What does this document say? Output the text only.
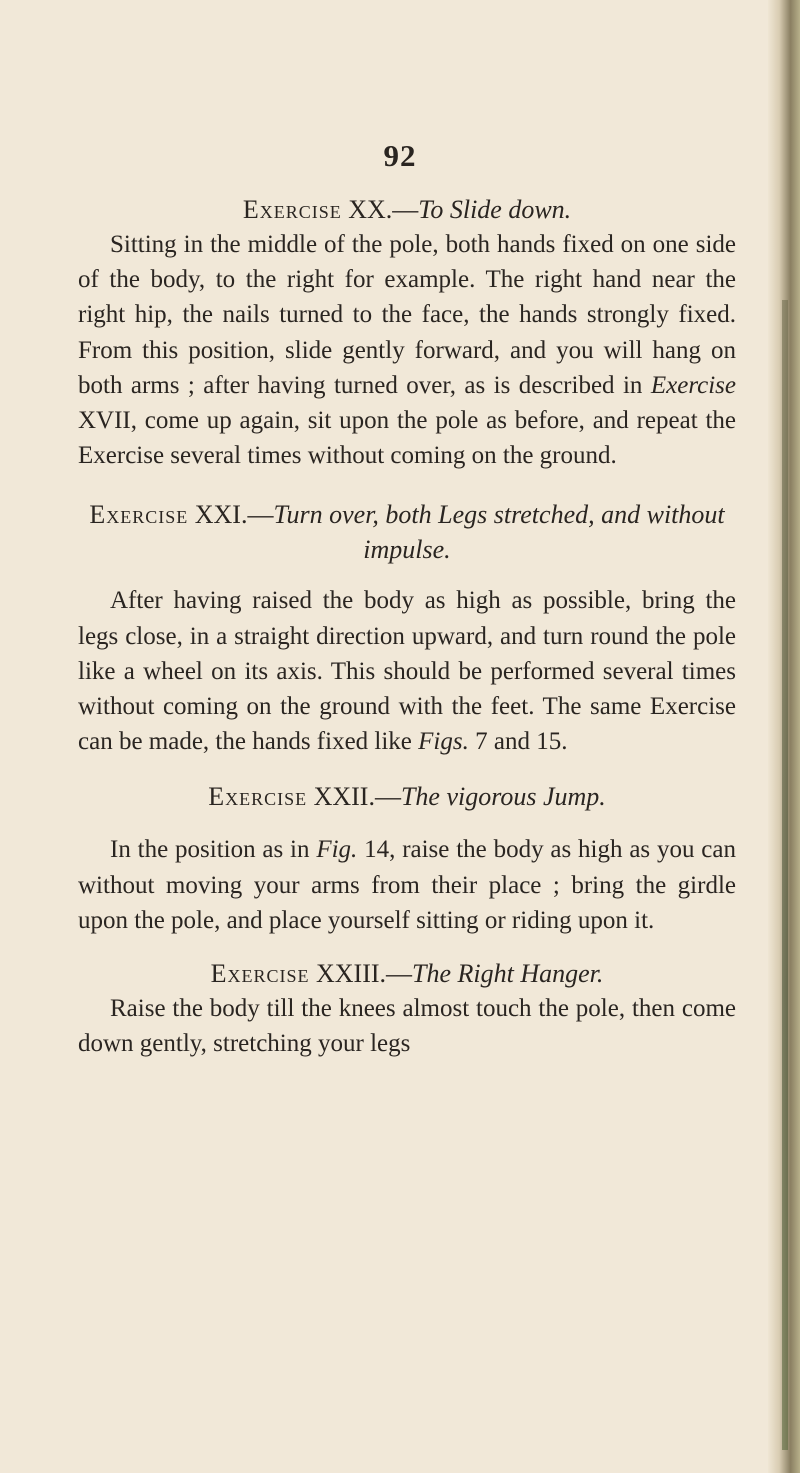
92

Exercise XX.—To Slide down.

Sitting in the middle of the pole, both hands fixed on one side of the body, to the right for example. The right hand near the right hip, the nails turned to the face, the hands strongly fixed. From this position, slide gently forward, and you will hang on both arms ; after having turned over, as is described in Exercise XVII, come up again, sit upon the pole as before, and repeat the Exercise several times without coming on the ground.

Exercise XXI.—Turn over, both Legs stretched, and without impulse.

After having raised the body as high as possible, bring the legs close, in a straight direction upward, and turn round the pole like a wheel on its axis. This should be performed several times without coming on the ground with the feet. The same Exercise can be made, the hands fixed like Figs. 7 and 15.

Exercise XXII.—The vigorous Jump.

In the position as in Fig. 14, raise the body as high as you can without moving your arms from their place ; bring the girdle upon the pole, and place yourself sitting or riding upon it.

Exercise XXIII.—The Right Hanger.

Raise the body till the knees almost touch the pole, then come down gently, stretching your legs
